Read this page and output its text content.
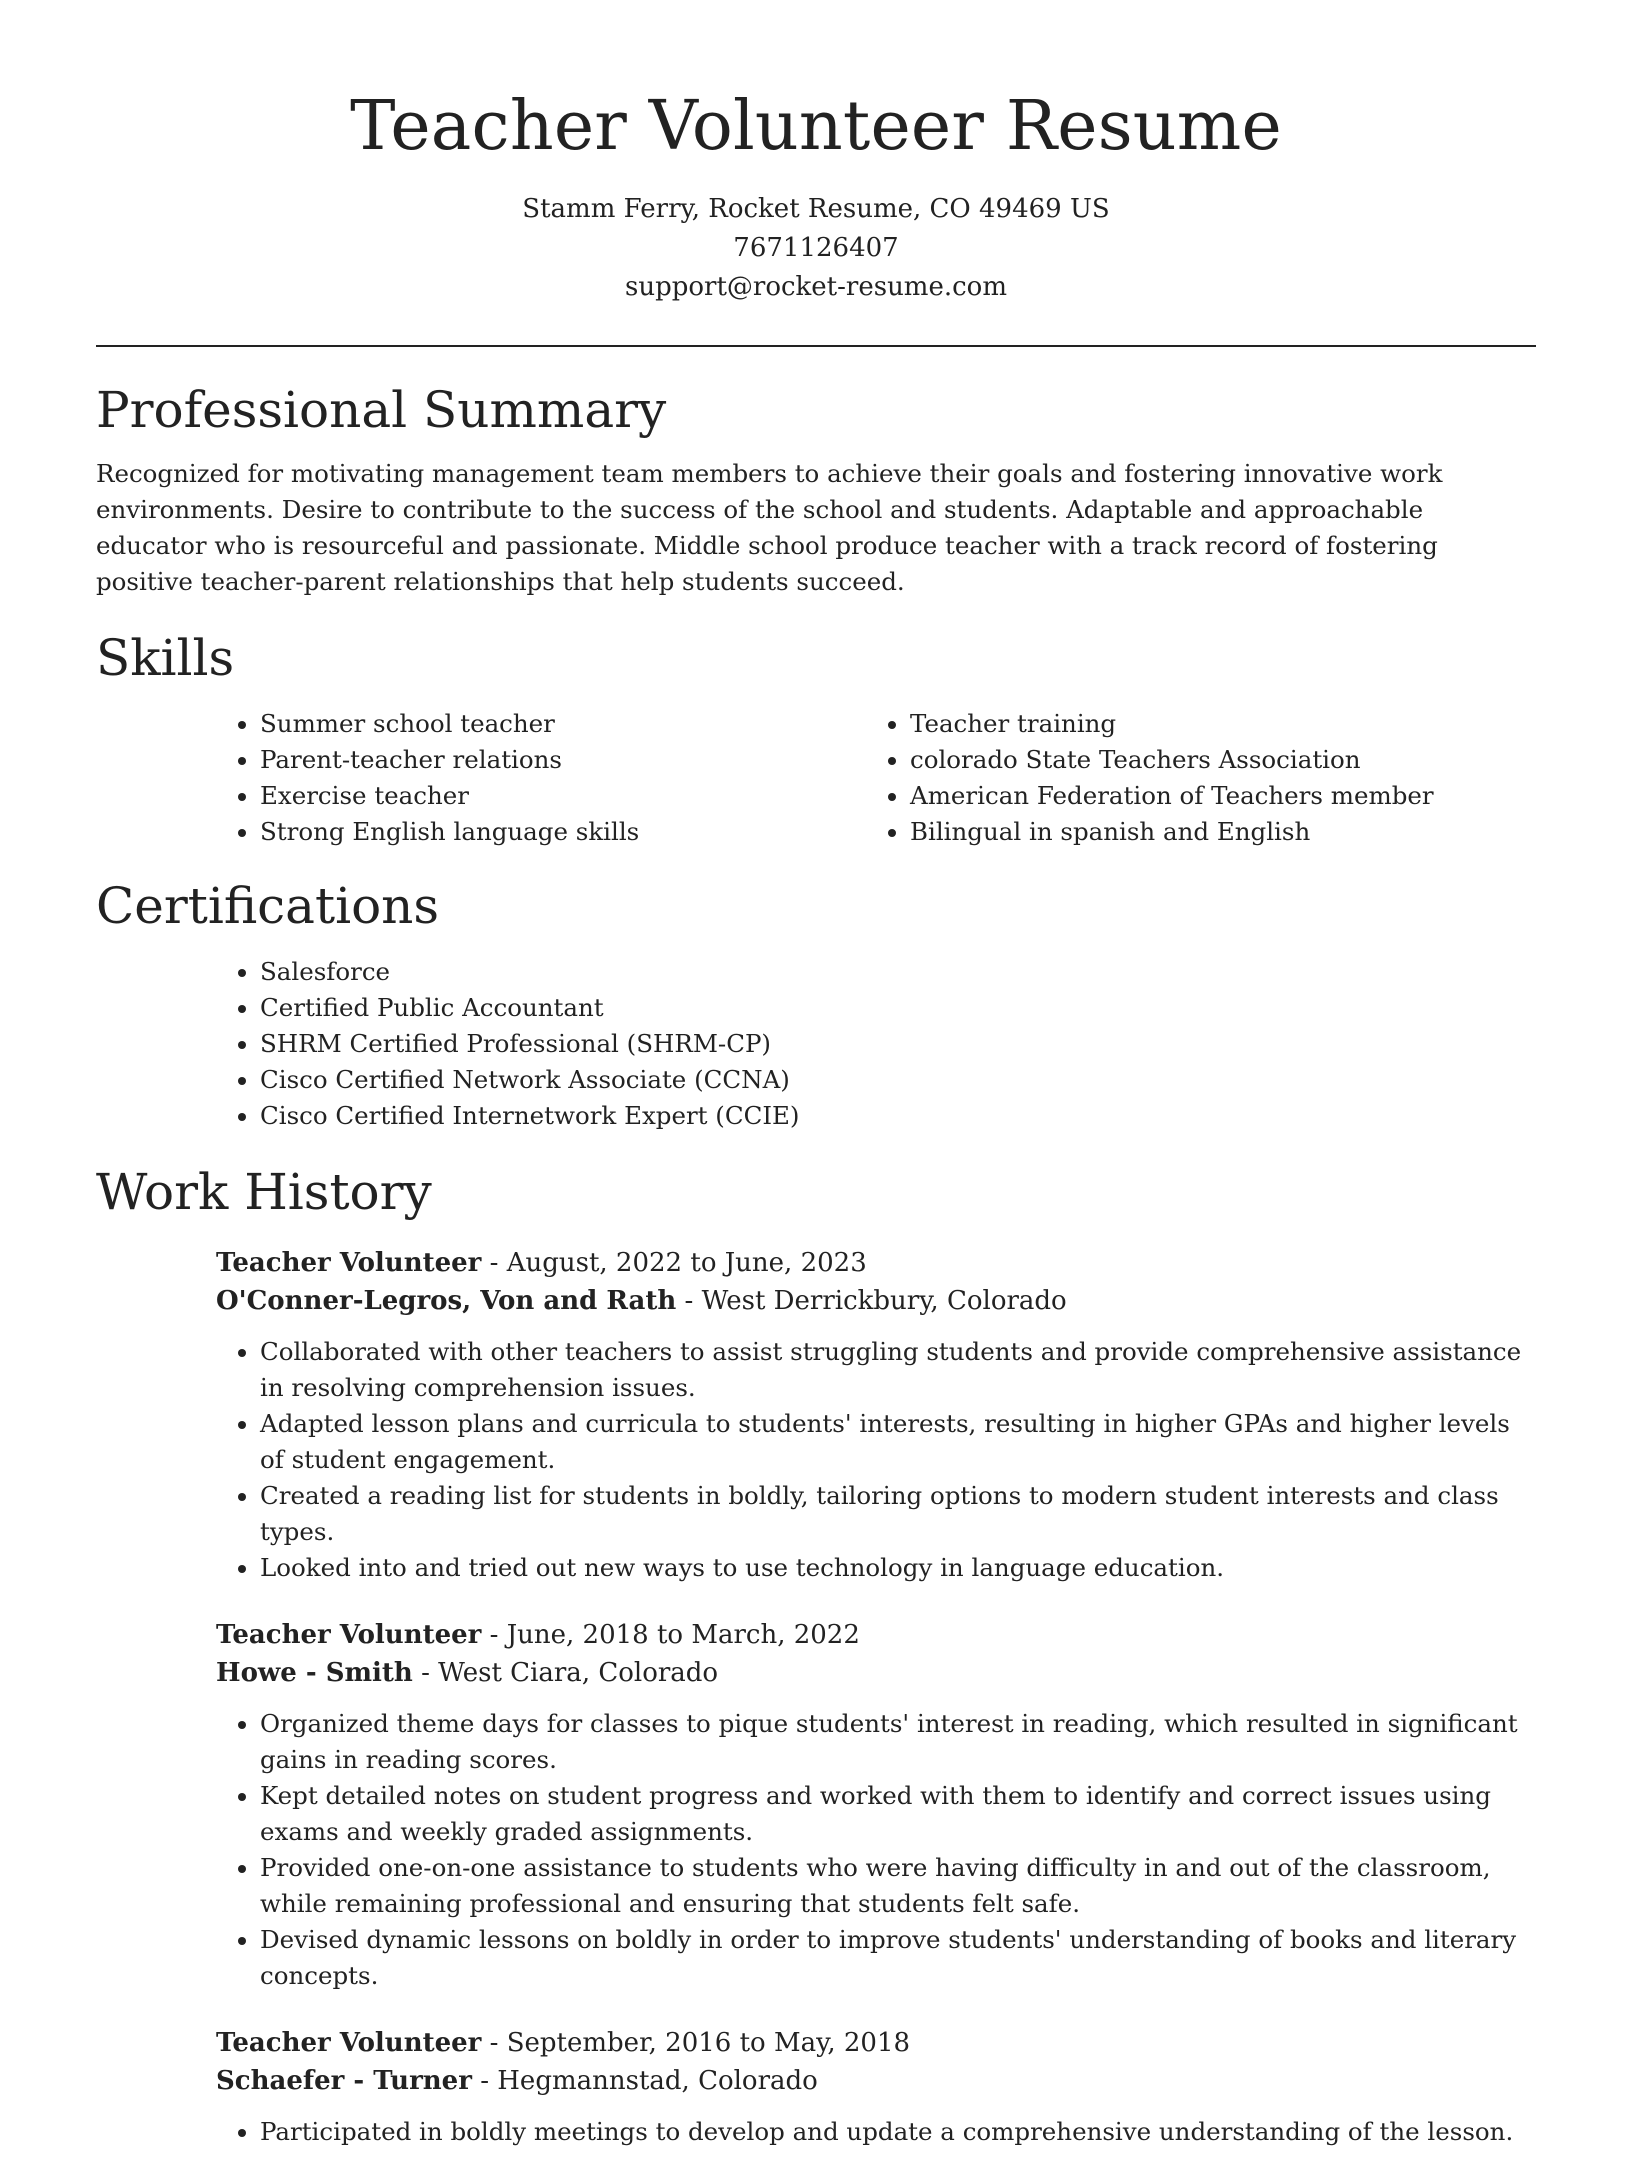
Teacher Volunteer Resume
Stamm Ferry, Rocket Resume, CO 49469 US
7671126407
support@rocket-resume.com
Professional Summary

Recognized for motivating management team members to achieve their goals and fostering innovative work environments. Desire to contribute to the success of the school and students. Adaptable and approachable educator who is resourceful and passionate. Middle school produce teacher with a track record of fostering positive teacher-parent relationships that help students succeed.

Skills
• Summer school teacher
• Parent-teacher relations
• Exercise teacher
• Strong English language skills
• Teacher training
• colorado State Teachers Association
• American Federation of Teachers member
• Bilingual in spanish and English
Certifications
• Salesforce
• Certified Public Accountant
• SHRM Certified Professional (SHRM-CP)
• Cisco Certified Network Associate (CCNA)
• Cisco Certified Internetwork Expert (CCIE)
Work History

Teacher Volunteer - August, 2022 to June, 2023

O'Conner-Legros, Von and Rath - West Derrickbury, Colorado

• Collaborated with other teachers to assist struggling students and provide comprehensive assistance in resolving comprehension issues.
• Adapted lesson plans and curricula to students' interests, resulting in higher GPAs and higher levels of student engagement.
• Created a reading list for students in boldly, tailoring options to modern student interests and class types.
• Looked into and tried out new ways to use technology in language education.

Teacher Volunteer - June, 2018 to March, 2022

Howe - Smith - West Ciara, Colorado

• Organized theme days for classes to pique students' interest in reading, which resulted in significant gains in reading scores.
• Kept detailed notes on student progress and worked with them to identify and correct issues using exams and weekly graded assignments.
• Provided one-on-one assistance to students who were having difficulty in and out of the classroom, while remaining professional and ensuring that students felt safe.
• Devised dynamic lessons on boldly in order to improve students' understanding of books and literary concepts.

Teacher Volunteer - September, 2016 to May, 2018

Schaefer - Turner - Hegmannstad, Colorado

• Participated in boldly meetings to develop and update a comprehensive understanding of the lesson.
